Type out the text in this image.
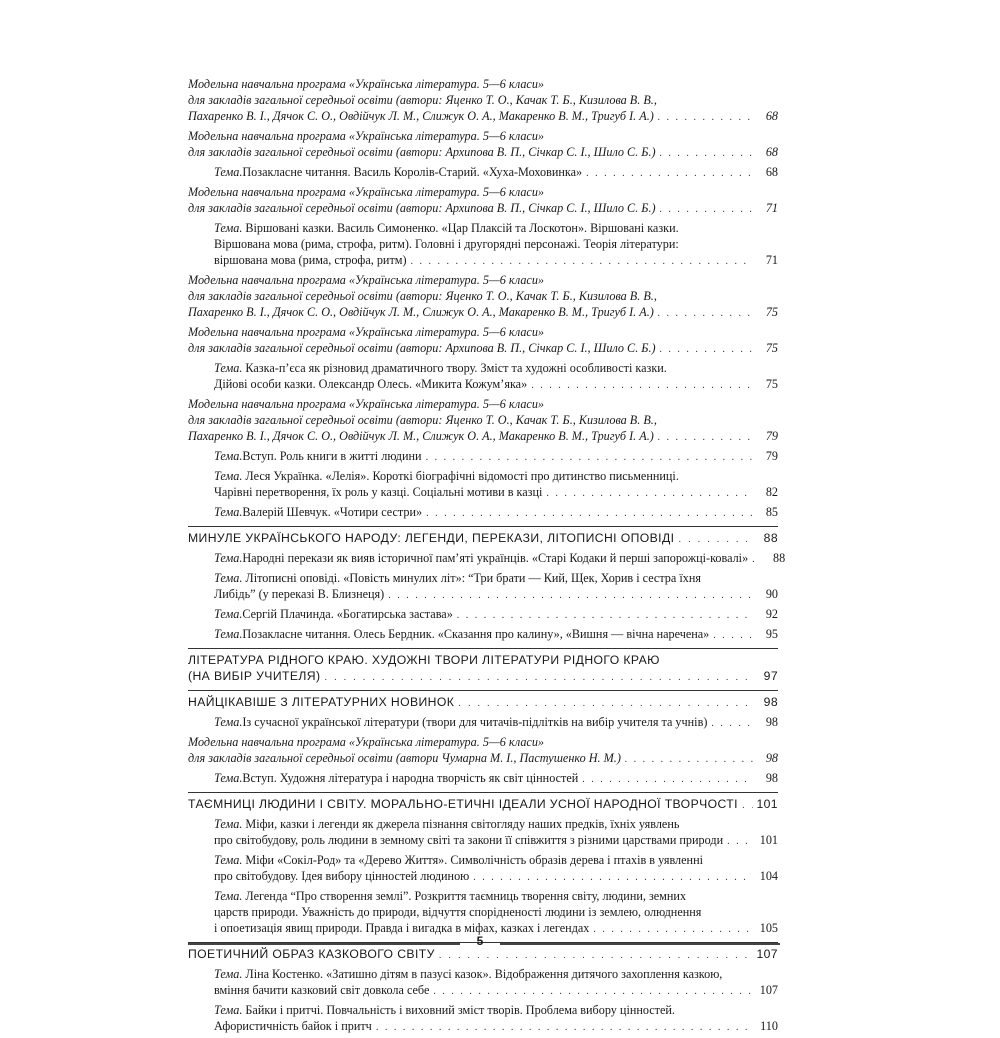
Модельна навчальна програма «Українська література. 5—6 класи»
для закладів загальної середньої освіти (автори: Яценко Т. О., Качак Т. Б., Кизилова В. В.,
Пахаренко В. І., Дячок С. О., Овдійчук Л. М., Слижук О. А., Макаренко В. М., Тригуб І. А.) . . .	68
Модельна навчальна програма «Українська література. 5—6 класи»
для закладів загальної середньої освіти (автори: Архипова В. П., Січкар С. І., Шило С. Б.) . . .	68
Тема. Позакласне читання. Василь Королів-Старий. «Хуха-Моховинка» . . .	68
Модельна навчальна програма «Українська література. 5—6 класи»
для закладів загальної середньої освіти (автори: Архипова В. П., Січкар С. І., Шило С. Б.) . . .	71
Тема. Віршовані казки. Василь Симоненко. «Цар Плаксій та Лоскотон». Віршовані казки.
Віршована мова (рима, строфа, ритм). Головні і другорядні персонажі. Теорія літератури:
віршована мова (рима, строфа, ритм) . . .	71
Модельна навчальна програма «Українська література. 5—6 класи»
для закладів загальної середньої освіти (автори: Яценко Т. О., Качак Т. Б., Кизилова В. В.,
Пахаренко В. І., Дячок С. О., Овдійчук Л. М., Слижук О. А., Макаренко В. М., Тригуб І. А.) . . .	75
Модельна навчальна програма «Українська література. 5—6 класи»
для закладів загальної середньої освіти (автори: Архипова В. П., Січкар С. І., Шило С. Б.) . . .	75
Тема. Казка-п’єса як різновид драматичного твору. Зміст та художні особливості казки.
Дійові особи казки. Олександр Олесь. «Микита Кожум’яка» . . .	75
Модельна навчальна програма «Українська література. 5—6 класи»
для закладів загальної середньої освіти (автори: Яценко Т. О., Качак Т. Б., Кизилова В. В.,
Пахаренко В. І., Дячок С. О., Овдійчук Л. М., Слижук О. А., Макаренко В. М., Тригуб І. А.) . . .	79
Тема. Вступ. Роль книги в житті людини . . .	79
Тема. Леся Українка. «Лелія». Короткі біографічні відомості про дитинство письменниці.
Чарівні перетворення, їх роль у казці. Соціальні мотиви в казці . . .	82
Тема. Валерій Шевчук. «Чотири сестри» . . .	85
МИНУЛЕ УКРАЇНСЬКОГО НАРОДУ: ЛЕГЕНДИ, ПЕРЕКАЗИ, ЛІТОПИСНІ ОПОВІДІ . . .	88
Тема. Народні перекази як вияв історичної пам’яті українців. «Старі Кодаки й перші запорожці-ковалі» . . .	88
Тема. Літописні оповіді. «Повість минулих літ»: “Три брати — Кий, Щек, Хорив і сестра їхня
Либідь” (у переказі В. Близнеця) . . .	90
Тема. Сергій Плачинда. «Богатирська застава» . . .	92
Тема. Позакласне читання. Олесь Бердник. «Сказання про калину», «Вишня — вічна наречена» . . .	95
ЛІТЕРАТУРА РІДНОГО КРАЮ. ХУДОЖНІ ТВОРИ ЛІТЕРАТУРИ РІДНОГО КРАЮ
(НА ВИБІР УЧИТЕЛЯ) . . .	97
НАЙЦІКАВІШЕ З ЛІТЕРАТУРНИХ НОВИНОК . . .	98
Тема. Із сучасної української літератури (твори для читачів-підлітків на вибір учителя та учнів) . . .	98
Модельна навчальна програма «Українська література. 5—6 класи»
для закладів загальної середньої освіти (автори Чумарна М. І., Пастушенко Н. М.) . . .	98
Тема. Вступ. Художня література і народна творчість як світ цінностей . . .	98
ТАЄМНИЦІ ЛЮДИНИ І СВІТУ. МОРАЛЬНО-ЕТИЧНІ ІДЕАЛИ УСНОЇ НАРОДНОЇ ТВОРЧОСТІ . . . 101
Тема. Міфи, казки і легенди як джерела пізнання світогляду наших предків, їхніх уявлень
про світобудову, роль людини в земному світі та закони її співжиття з різними царствами природи . . .	101
Тема. Міфи «Сокіл-Род» та «Дерево Життя». Символічність образів дерева і птахів в уявленні
про світобудову. Ідея вибору цінностей людиною . . .	104
Тема. Легенда “Про створення землі”. Розкриття таємниць творення світу, людини, земних
царств природи. Уважність до природи, відчуття спорідненості людини із землею, олюднення
і опоетизація явищ природи. Правда і вигадка в міфах, казках і легендах . . .	105
ПОЕТИЧНИЙ ОБРАЗ КАЗКОВОГО СВІТУ . . .	107
Тема. Ліна Костенко. «Затишно дітям в пазусі казок». Відображення дитячого захоплення казкою,
вміння бачити казковий світ довкола себе . . .	107
Тема. Байки і притчі. Повчальність і виховний зміст творів. Проблема вибору цінностей.
Афористичність байок і притч . . .	110
5
